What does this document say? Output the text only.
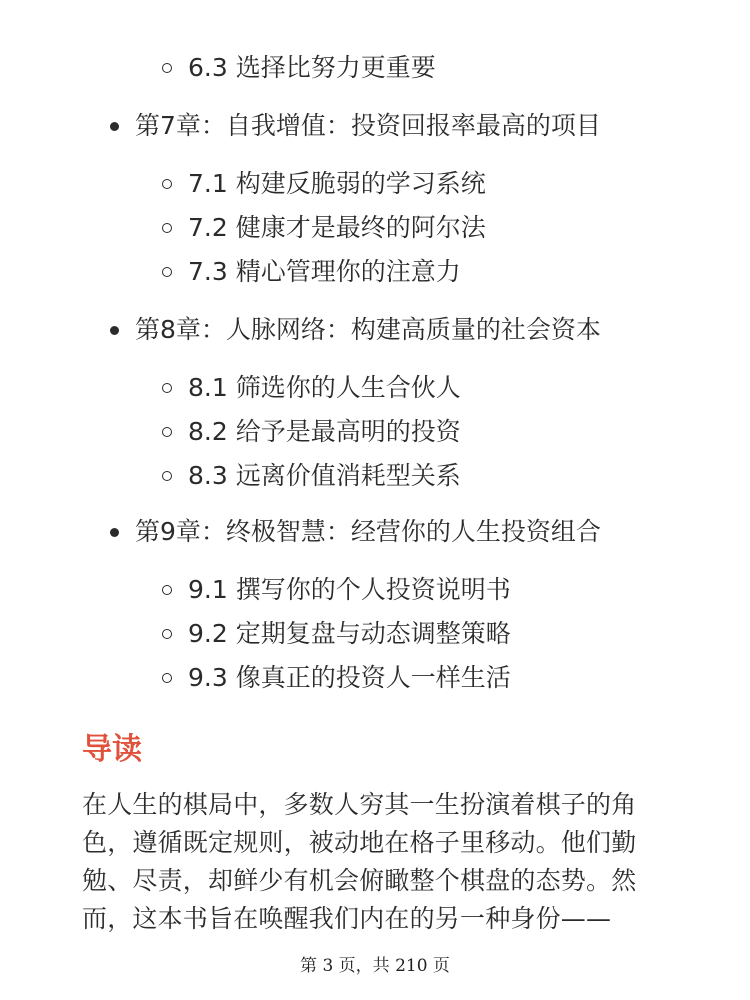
6.3 选择比努力更重要
第7章：自我增值：投资回报率最高的项目
7.1 构建反脆弱的学习系统
7.2 健康才是最终的阿尔法
7.3 精心管理你的注意力
第8章：人脉网络：构建高质量的社会资本
8.1 筛选你的人生合伙人
8.2 给予是最高明的投资
8.3 远离价值消耗型关系
第9章：终极智慧：经营你的人生投资组合
9.1 撰写你的个人投资说明书
9.2 定期复盘与动态调整策略
9.3 像真正的投资人一样生活
导读
在人生的棋局中，多数人穷其一生扮演着棋子的角
色，遵循既定规则，被动地在格子里移动。他们勤
勉、尽责，却鲜少有机会俯瞰整个棋盘的态势。然
而，这本书旨在唤醒我们内在的另一种身份——
第 3 页，共 210 页
